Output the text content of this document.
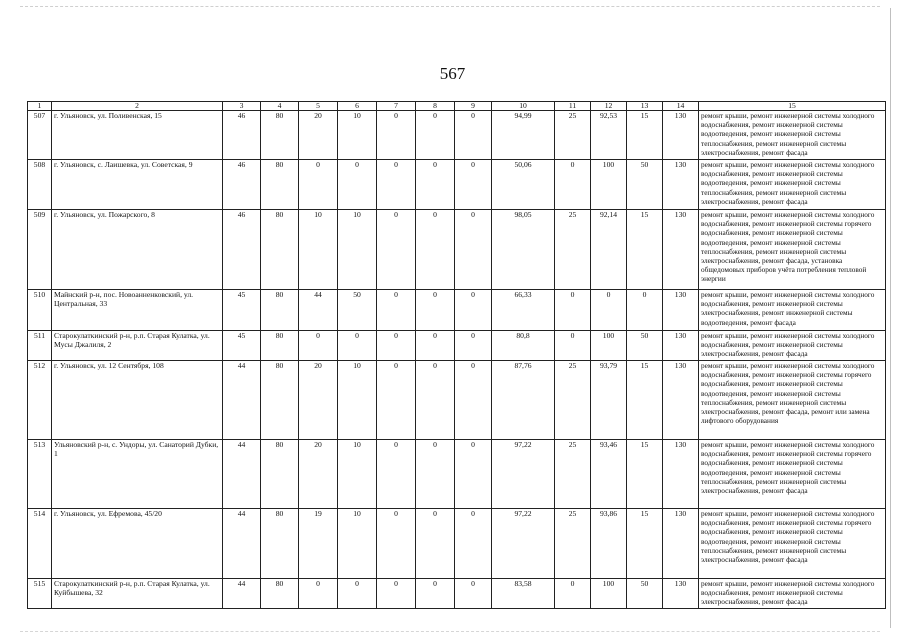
567
1	2	3	4	5	6	7	8	9	10	11	12	13	14	15
507	г. Ульяновск, ул. Поливенская, 15	46	80	20	10	0	0	0	94,99	25	92,53	15	130	ремонт крыши, ремонт инженерной системы холодного водоснабжения, ремонт инженерной системы водоотведения, ремонт инженерной системы теплоснабжения, ремонт инженерной системы электроснабжения, ремонт фасада
508	г. Ульяновск, с. Лаишевка, ул. Советская, 9	46	80	0	0	0	0	0	50,06	0	100	50	130	ремонт крыши, ремонт инженерной системы холодного водоснабжения, ремонт инженерной системы водоотведения, ремонт инженерной системы теплоснабжения, ремонт инженерной системы электроснабжения, ремонт фасада
509	г. Ульяновск, ул. Пожарского, 8	46	80	10	10	0	0	0	98,05	25	92,14	15	130	ремонт крыши, ремонт инженерной системы холодного водоснабжения, ремонт инженерной системы горячего водоснабжения, ремонт инженерной системы водоотведения, ремонт инженерной системы теплоснабжения, ремонт инженерной системы электроснабжения, ремонт фасада, установка общедомовых приборов учёта потребления тепловой энергии
510	Майнский р-н, пос. Новоанненковский, ул. Центральная, 33	45	80	44	50	0	0	0	66,33	0	0	0	130	ремонт крыши, ремонт инженерной системы холодного водоснабжения, ремонт инженерной системы электроснабжения, ремонт инженерной системы водоотведения, ремонт фасада
511	Старокулаткинский р-н, р.п. Старая Кулатка, ул. Мусы Джалиля, 2	45	80	0	0	0	0	0	80,8	0	100	50	130	ремонт крыши, ремонт инженерной системы холодного водоснабжения, ремонт инженерной системы электроснабжения, ремонт фасада
512	г. Ульяновск, ул. 12 Сентября, 108	44	80	20	10	0	0	0	87,76	25	93,79	15	130	ремонт крыши, ремонт инженерной системы холодного водоснабжения, ремонт инженерной системы горячего водоснабжения, ремонт инженерной системы водоотведения, ремонт инженерной системы теплоснабжения, ремонт инженерной системы электроснабжения, ремонт фасада, ремонт или замена лифтового оборудования
513	Ульяновский р-н, с. Ундоры, ул. Санаторий Дубки, 1	44	80	20	10	0	0	0	97,22	25	93,46	15	130	ремонт крыши, ремонт инженерной системы холодного водоснабжения, ремонт инженерной системы горячего водоснабжения, ремонт инженерной системы водоотведения, ремонт инженерной системы теплоснабжения, ремонт инженерной системы электроснабжения, ремонт фасада
514	г. Ульяновск, ул. Ефремова, 45/20	44	80	19	10	0	0	0	97,22	25	93,86	15	130	ремонт крыши, ремонт инженерной системы холодного водоснабжения, ремонт инженерной системы горячего водоснабжения, ремонт инженерной системы водоотведения, ремонт инженерной системы теплоснабжения, ремонт инженерной системы электроснабжения, ремонт фасада
515	Старокулаткинский р-н, р.п. Старая Кулатка, ул. Куйбышева, 32	44	80	0	0	0	0	0	83,58	0	100	50	130	ремонт крыши, ремонт инженерной системы холодного водоснабжения, ремонт инженерной системы электроснабжения, ремонт фасада
